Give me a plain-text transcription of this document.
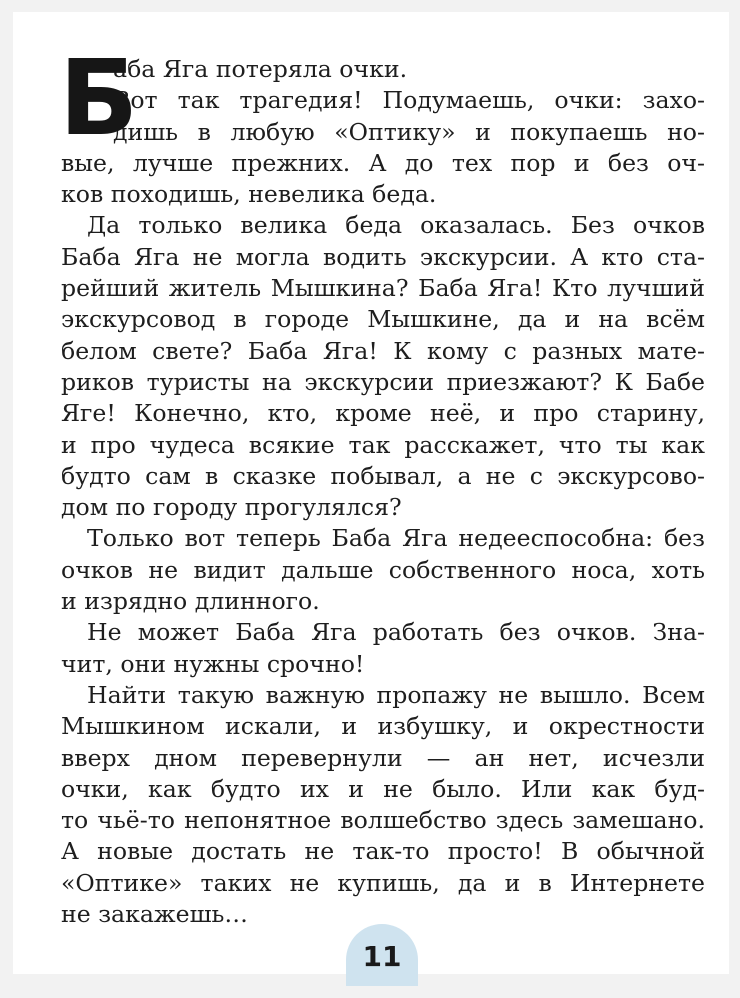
Б
аба Яга потеряла очки.
Вот так трагедия! Подумаешь, очки: захо-
дишь в любую «Оптику» и покупаешь но-
вые, лучше прежних. А до тех пор и без оч-
ков походишь, невелика беда.
Да только велика беда оказалась. Без очков
Баба Яга не могла водить экскурсии. А кто ста-
рейший житель Мышкина? Баба Яга! Кто лучший
экскурсовод в городе Мышкине, да и на всём
белом свете? Баба Яга! К кому с разных мате-
риков туристы на экскурсии приезжают? К Бабе
Яге! Конечно, кто, кроме неё, и про старину,
и про чудеса всякие так расскажет, что ты как
будто сам в сказке побывал, а не с экскурсово-
дом по городу прогулялся?
Только вот теперь Баба Яга недееспособна: без
очков не видит дальше собственного носа, хоть
и изрядно длинного.
Не может Баба Яга работать без очков. Зна-
чит, они нужны срочно!
Найти такую важную пропажу не вышло. Всем
Мышкином искали, и избушку, и окрестности
вверх дном перевернули — ан нет, исчезли
очки, как будто их и не было. Или как буд-
то чьё-то непонятное волшебство здесь замешано.
А новые достать не так-то просто! В обычной
«Оптике» таких не купишь, да и в Интернете
не закажешь…
11
